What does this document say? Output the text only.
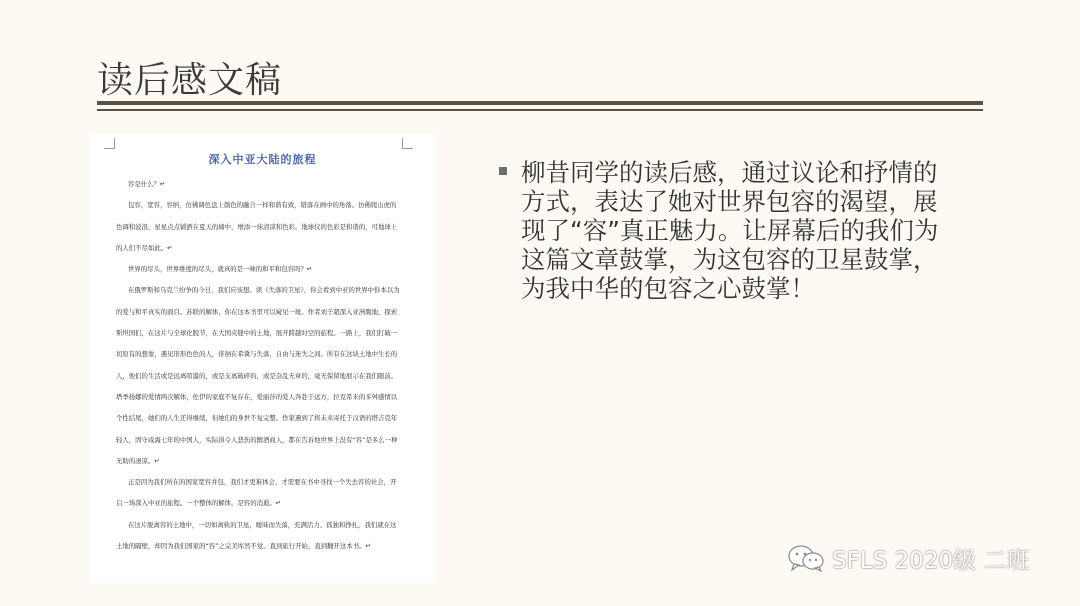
读后感文稿
深入中亚大陆的旅程

容是什么？↵

包容，宽容，容纳，仿佛调色盘上颜色的融合一样和谐有致，错落在画中的角落。仿佛爬山虎的色调和波浪，星星点点铺洒在夏天的墙中，增添一抹清凉和色彩。地球仪的色彩是和谐的，可地球上的人们不尽如此。↵

世界的尽头，世界维度的尽头，就真的是一味的和平和包容吗？↵

在俄罗斯和乌克兰纷争的今日，我们应该想。读《失落的卫星》，你会看到中亚的世界中你本以为的爱与和平真实的面目。苏联的解体，你在这本书里可以窥见一斑。作者刘子超深入亚洲腹地，探索斯坦国们，在这片与全球化脱节，在大国夹缝中的土地，展开跨越时空的旅程。一路上，我们打破一切原有的想象，遇见形形色色的人，徘徊在希冀与失落、自由与迷失之间。所有在这块土地中生长的人，他们的生活或是远离喧嚣的，或是支离破碎的，或是杂乱无章的，毫无保留地展示在我们眼前。塔季扬娜的爱情两次解体，佐伊的家庭不复存在，爱丽莎的爱人奔赴于远方，拉克希米的多舛感情以个性结尾，她们的人生还得继续，但她们的身世不复完整。作家遇到了将未来寄托于汉语的塔吉克年轻人，固守咸海七年的中国人，实际得令人悲伤的醉酒商人，都在告诉他世界上没有“容”是多么一种无助的凄凉。↵

正是因为我们所在的国家宽容并包，我们才更难体会，才需要在书中寻找一个失去容的社会，开启一场深入中亚的旅程。一个整体的解体，是容的消逝。↵

在这片脱离容的土地中，一切如离轨的卫星，暧昧而失落，充满活力、孤独和挣扎，我们就在这土地的隔壁，却因为我们国家的“容”之完美库然不觉。直到旅行开始，直到翻开这本书。↵

柳昔同学的读后感，通过议论和抒情的方式，表达了她对世界包容的渴望，展现了“容”真正魅力。让屏幕后的我们为这篇文章鼓掌，为这包容的卫星鼓掌，为我中华的包容之心鼓掌！
SFLS 2020级 二班
